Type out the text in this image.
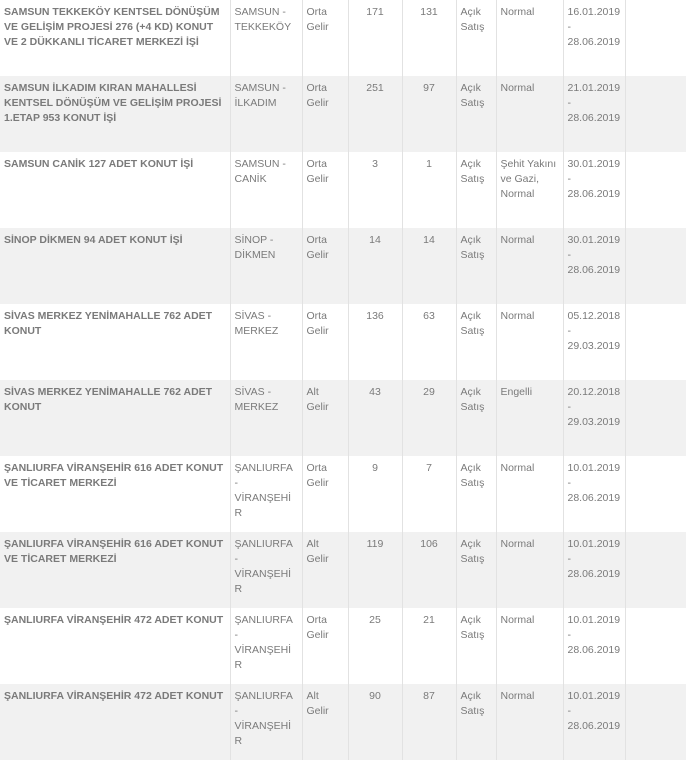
SAMSUN TEKKEKÖY KENTSEL DÖNÜŞÜM VE GELİŞİM PROJESİ 276 (+4 KD) KONUT VE 2 DÜKKANLI TİCARET MERKEZİ İŞİ	SAMSUN - TEKKEKÖY	Orta Gelir	171	131	Açık Satış	Normal	16.01.2019
-
28.06.2019	

SAMSUN İLKADIM KIRAN MAHALLESİ KENTSEL DÖNÜŞÜM VE GELİŞİM PROJESİ 1.ETAP 953 KONUT İŞİ	SAMSUN - İLKADIM	Orta Gelir	251	97	Açık Satış	Normal	21.01.2019
-
28.06.2019	

SAMSUN CANİK 127 ADET KONUT İŞİ	SAMSUN - CANİK	Orta Gelir	3	1	Açık Satış	Şehit Yakını ve Gazi, Normal	30.01.2019
-
28.06.2019	

SİNOP DİKMEN 94 ADET KONUT İŞİ	SİNOP - DİKMEN	Orta Gelir	14	14	Açık Satış	Normal	30.01.2019
-
28.06.2019	

SİVAS MERKEZ YENİMAHALLE 762 ADET KONUT	SİVAS - MERKEZ	Orta Gelir	136	63	Açık Satış	Normal	05.12.2018
-
29.03.2019	

SİVAS MERKEZ YENİMAHALLE 762 ADET KONUT	SİVAS - MERKEZ	Alt Gelir	43	29	Açık Satış	Engelli	20.12.2018
-
29.03.2019	

ŞANLIURFA VİRANŞEHİR 616 ADET KONUT VE TİCARET MERKEZİ	ŞANLIURFA - VİRANŞEHİR	Orta Gelir	9	7	Açık Satış	Normal	10.01.2019
-
28.06.2019	

ŞANLIURFA VİRANŞEHİR 616 ADET KONUT VE TİCARET MERKEZİ	ŞANLIURFA - VİRANŞEHİR	Alt Gelir	119	106	Açık Satış	Normal	10.01.2019
-
28.06.2019	

ŞANLIURFA VİRANŞEHİR 472 ADET KONUT	ŞANLIURFA - VİRANŞEHİR	Orta Gelir	25	21	Açık Satış	Normal	10.01.2019
-
28.06.2019	

ŞANLIURFA VİRANŞEHİR 472 ADET KONUT	ŞANLIURFA - VİRANŞEHİR	Alt Gelir	90	87	Açık Satış	Normal	10.01.2019
-
28.06.2019	
